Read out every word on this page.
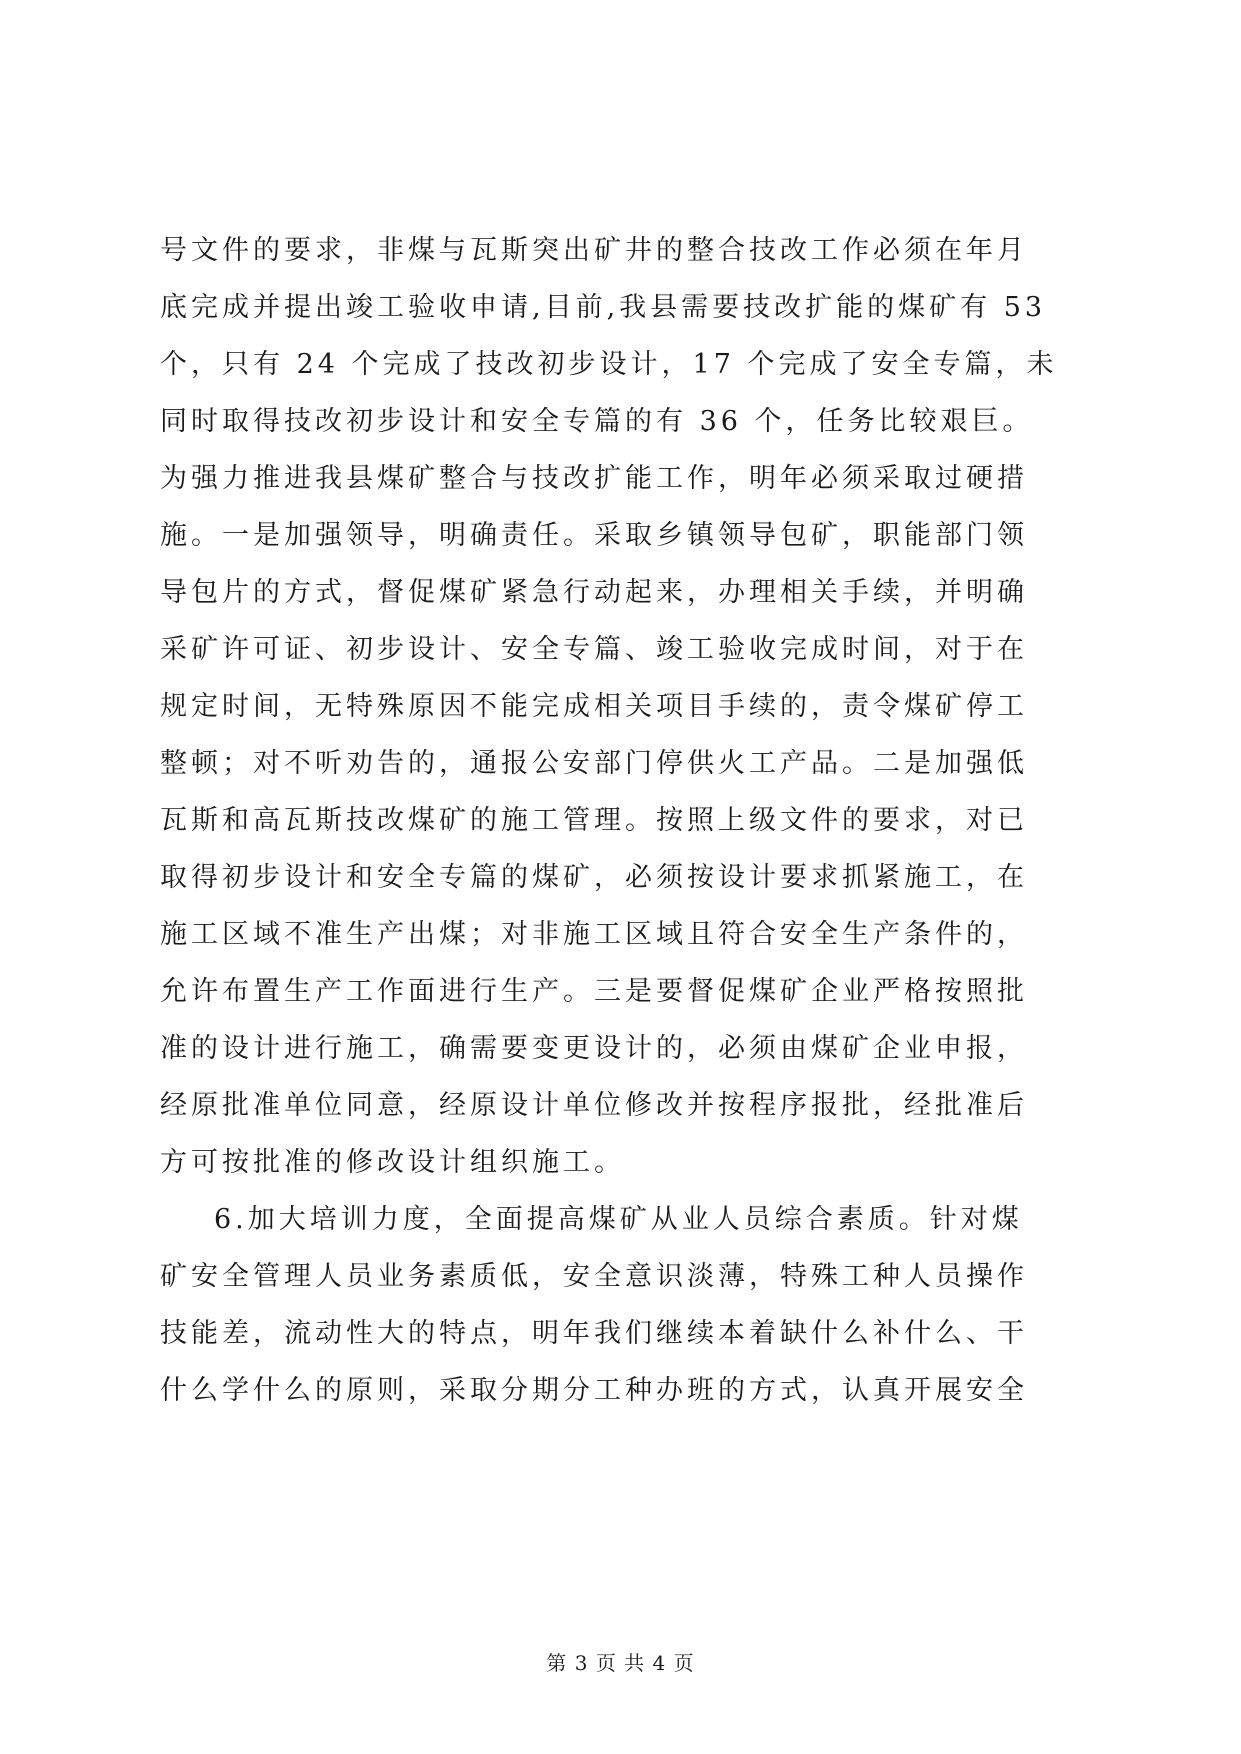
号文件的要求，非煤与瓦斯突出矿井的整合技改工作必须在年月
底完成并提出竣工验收申请,目前,我县需要技改扩能的煤矿有 53
个，只有 24 个完成了技改初步设计，17 个完成了安全专篇，未
同时取得技改初步设计和安全专篇的有 36 个，任务比较艰巨。
为强力推进我县煤矿整合与技改扩能工作，明年必须采取过硬措
施。一是加强领导，明确责任。采取乡镇领导包矿，职能部门领
导包片的方式，督促煤矿紧急行动起来，办理相关手续，并明确
采矿许可证、初步设计、安全专篇、竣工验收完成时间，对于在
规定时间，无特殊原因不能完成相关项目手续的，责令煤矿停工
整顿；对不听劝告的，通报公安部门停供火工产品。二是加强低
瓦斯和高瓦斯技改煤矿的施工管理。按照上级文件的要求，对已
取得初步设计和安全专篇的煤矿，必须按设计要求抓紧施工，在
施工区域不准生产出煤；对非施工区域且符合安全生产条件的，
允许布置生产工作面进行生产。三是要督促煤矿企业严格按照批
准的设计进行施工，确需要变更设计的，必须由煤矿企业申报，
经原批准单位同意，经原设计单位修改并按程序报批，经批准后
方可按批准的修改设计组织施工。
6.加大培训力度，全面提高煤矿从业人员综合素质。针对煤
矿安全管理人员业务素质低，安全意识淡薄，特殊工种人员操作
技能差，流动性大的特点，明年我们继续本着缺什么补什么、干
什么学什么的原则，采取分期分工种办班的方式，认真开展安全
第 3 页 共 4 页
